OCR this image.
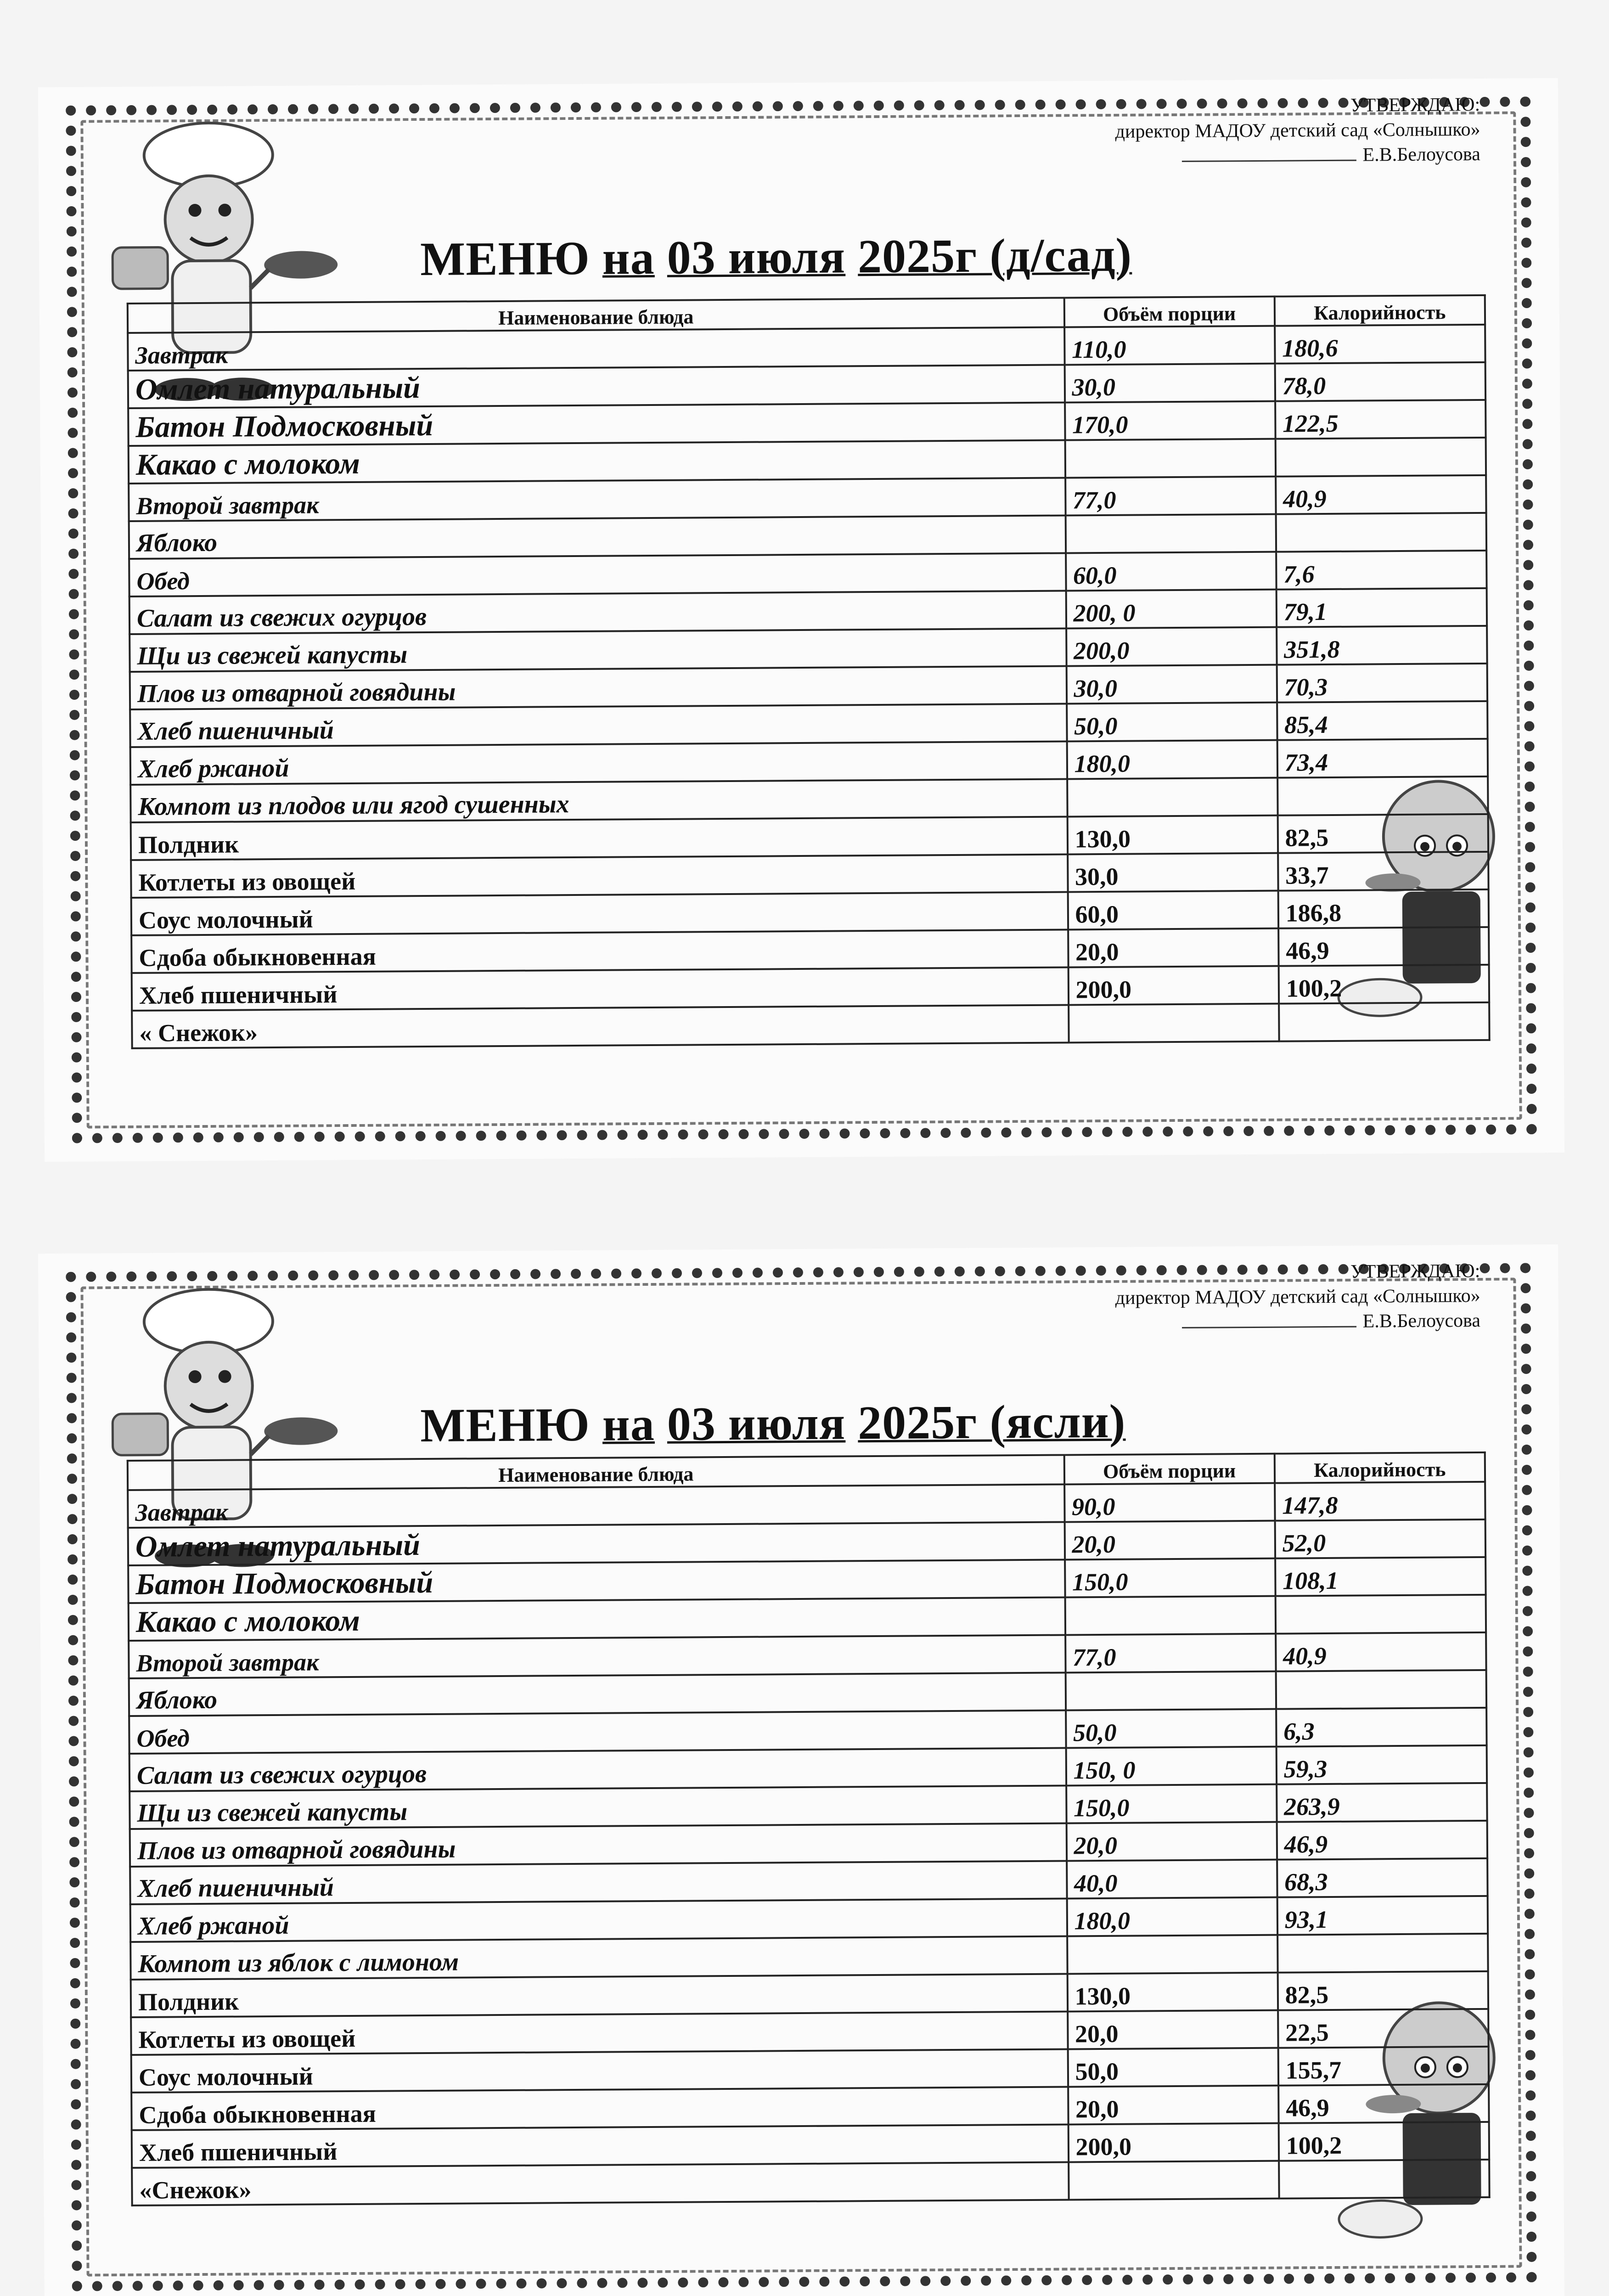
УТВЕРЖДАЮ:
директор МАДОУ детский сад «Солнышко»
Е.В.Белоусова
МЕНЮ на 03 июля 2025г (д/сад)
Наименование блюда	Объём порции	Калорийность
Завтрак	110,0	180,6
Омлет натуральный	30,0	78,0
Батон Подмосковный	170,0	122,5
Какао с молоком		
Второй завтрак	77,0	40,9
Яблоко		
Обед	60,0	7,6
Салат из свежих огурцов	200, 0	79,1
Щи из свежей капусты	200,0	351,8
Плов из отварной говядины	30,0	70,3
Хлеб пшеничный	50,0	85,4
Хлеб ржаной	180,0	73,4
Компот из плодов или ягод сушенных		
Полдник	130,0	82,5
Котлеты из овощей	30,0	33,7
Соус молочный	60,0	186,8
Сдоба обыкновенная	20,0	46,9
Хлеб пшеничный	200,0	100,2
« Снежок»		
УТВЕРЖДАЮ:
директор МАДОУ детский сад «Солнышко»
Е.В.Белоусова
МЕНЮ на 03 июля 2025г (ясли)
Наименование блюда	Объём порции	Калорийность
Завтрак	90,0	147,8
Омлет натуральный	20,0	52,0
Батон Подмосковный	150,0	108,1
Какао с молоком		
Второй завтрак	77,0	40,9
Яблоко		
Обед	50,0	6,3
Салат из свежих огурцов	150, 0	59,3
Щи из свежей капусты	150,0	263,9
Плов из отварной говядины	20,0	46,9
Хлеб пшеничный	40,0	68,3
Хлеб ржаной	180,0	93,1
Компот из яблок с лимоном		
Полдник	130,0	82,5
Котлеты из овощей	20,0	22,5
Соус молочный	50,0	155,7
Сдоба обыкновенная	20,0	46,9
Хлеб пшеничный	200,0	100,2
«Снежок»		
